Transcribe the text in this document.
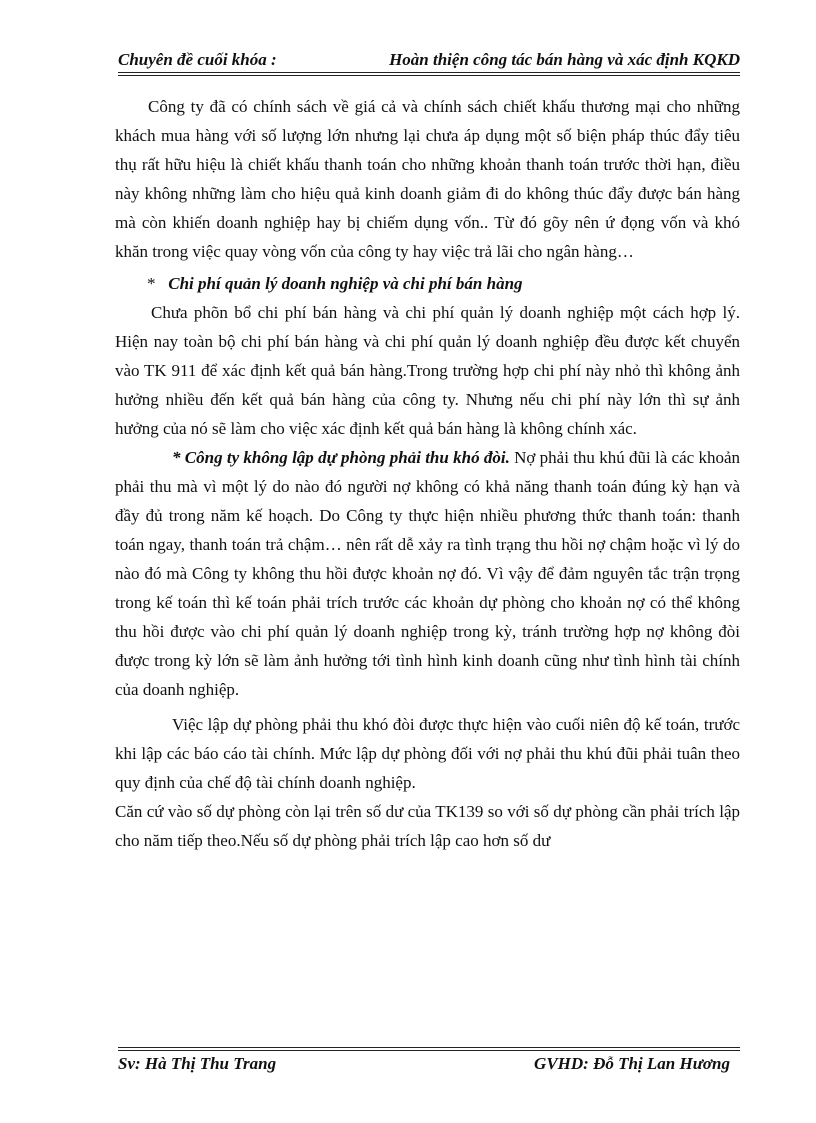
Chuyên đề cuối khóa :	Hoàn thiện công tác bán hàng và xác định KQKD

Công ty đã có chính sách về giá cả và chính sách chiết khấu thương mại cho những khách mua hàng với số lượng lớn nhưng lại chưa áp dụng một số biện pháp thúc đẩy tiêu thụ rất hữu hiệu là chiết khấu thanh toán cho những khoản thanh toán trước thời hạn, điều này không những làm cho hiệu quả kinh doanh giảm đi do không thúc đẩy được bán hàng mà còn khiến doanh nghiệp hay bị chiếm dụng vốn.. Từ đó gõy nên ứ đọng vốn và khó khăn trong việc quay vòng vốn của công ty hay việc trả lãi cho ngân hàng…

* Chi phí quản lý doanh nghiệp và chi phí bán hàng

Chưa phõn bổ chi phí bán hàng và chi phí quản lý doanh nghiệp một cách hợp lý. Hiện nay toàn bộ chi phí bán hàng và chi phí quản lý doanh nghiệp đều được kết chuyển vào TK 911 để xác định kết quả bán hàng.Trong trường hợp chi phí này nhỏ thì không ảnh hưởng nhiều đến kết quả bán hàng của công ty. Nhưng nếu chi phí này lớn thì sự ảnh hưởng của nó sẽ làm cho việc xác định kết quả bán hàng là không chính xác.

* Công ty không lập dự phòng phải thu khó đòi. Nợ phải thu khú đũi là các khoản phải thu mà vì một lý do nào đó người nợ không có khả năng thanh toán đúng kỳ hạn và đầy đủ trong năm kế hoạch. Do Công ty thực hiện nhiều phương thức thanh toán: thanh toán ngay, thanh toán trả chậm… nên rất dễ xảy ra tình trạng thu hồi nợ chậm hoặc vì lý do nào đó mà Công ty không thu hồi được khoản nợ đó. Vì vậy để đảm nguyên tắc trận trọng trong kế toán thì kế toán phải trích trước các khoản dự phòng cho khoản nợ có thể không thu hồi được vào chi phí quản lý doanh nghiệp trong kỳ, tránh trường hợp nợ không đòi được trong kỳ lớn sẽ làm ảnh hưởng tới tình hình kinh doanh cũng như tình hình tài chính của doanh nghiệp.

Việc lập dự phòng phải thu khó đòi được thực hiện vào cuối niên độ kế toán, trước khi lập các báo cáo tài chính. Mức lập dự phòng đối với nợ phải thu khú đũi phải tuân theo quy định của chế độ tài chính doanh nghiệp.

Căn cứ vào số dự phòng còn lại trên số dư của TK139 so với số dự phòng cần phải trích lập cho năm tiếp theo.Nếu số dự phòng phải trích lập cao hơn số dư

Sv: Hà Thị Thu Trang	GVHD: Đỗ Thị Lan Hương
